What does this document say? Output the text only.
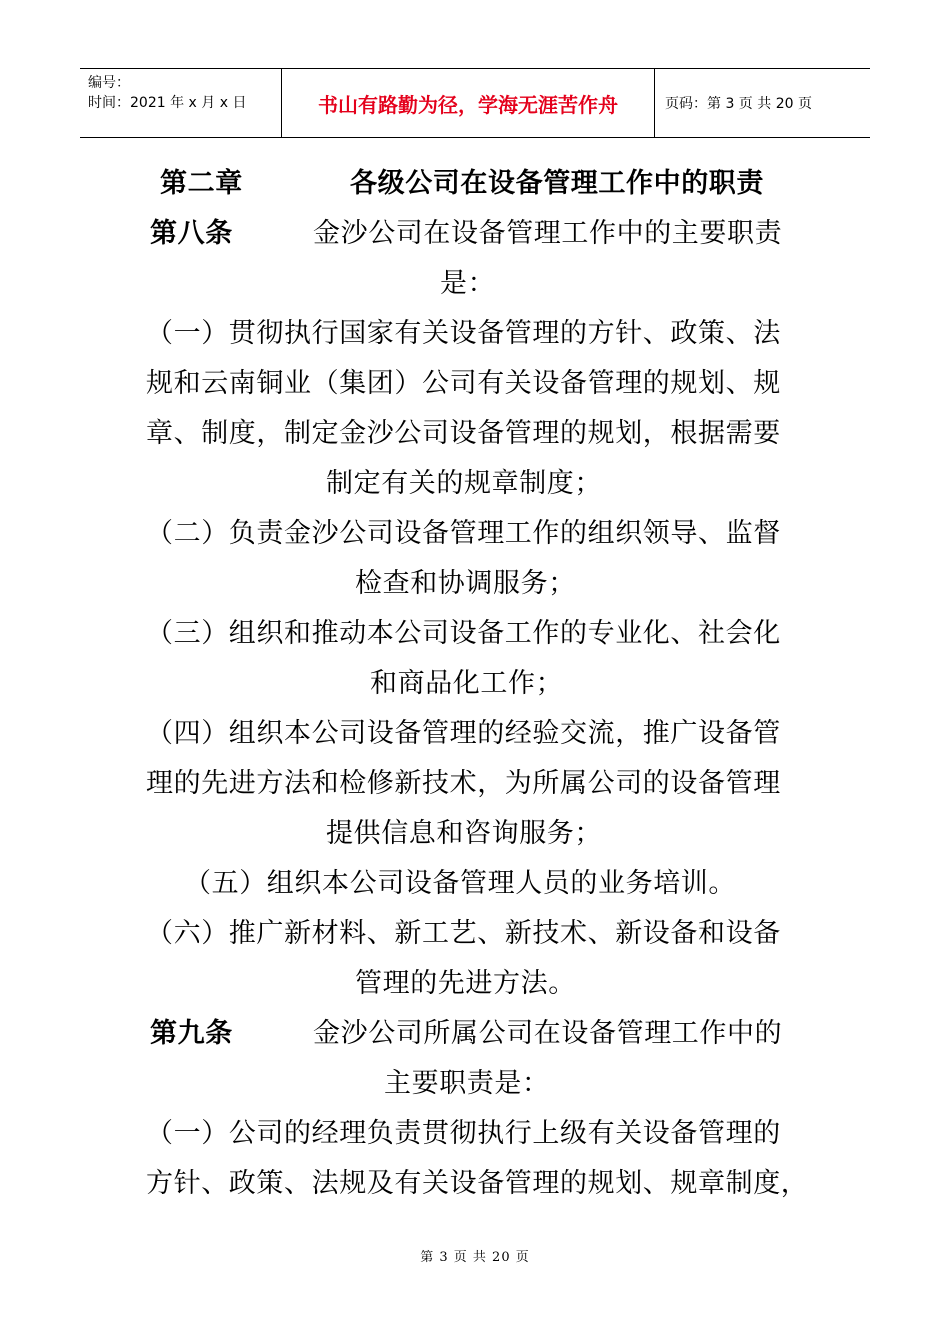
编号：
时间：2021 年 x 月 x 日	书山有路勤为径，学海无涯苦作舟	页码：第 3 页 共 20 页
第二章	各级公司在设备管理工作中的职责
第八条	金沙公司在设备管理工作中的主要职责
是：
（一）贯彻执行国家有关设备管理的方针、政策、法
规和云南铜业（集团）公司有关设备管理的规划、规
章、制度，制定金沙公司设备管理的规划，根据需要
制定有关的规章制度；
（二）负责金沙公司设备管理工作的组织领导、监督
检查和协调服务；
（三）组织和推动本公司设备工作的专业化、社会化
和商品化工作；
（四）组织本公司设备管理的经验交流，推广设备管
理的先进方法和检修新技术，为所属公司的设备管理
提供信息和咨询服务；
（五）组织本公司设备管理人员的业务培训。
（六）推广新材料、新工艺、新技术、新设备和设备
管理的先进方法。
第九条	金沙公司所属公司在设备管理工作中的
主要职责是：
（一）公司的经理负责贯彻执行上级有关设备管理的
方针、政策、法规及有关设备管理的规划、规章制度，
第 3 页 共 20 页
